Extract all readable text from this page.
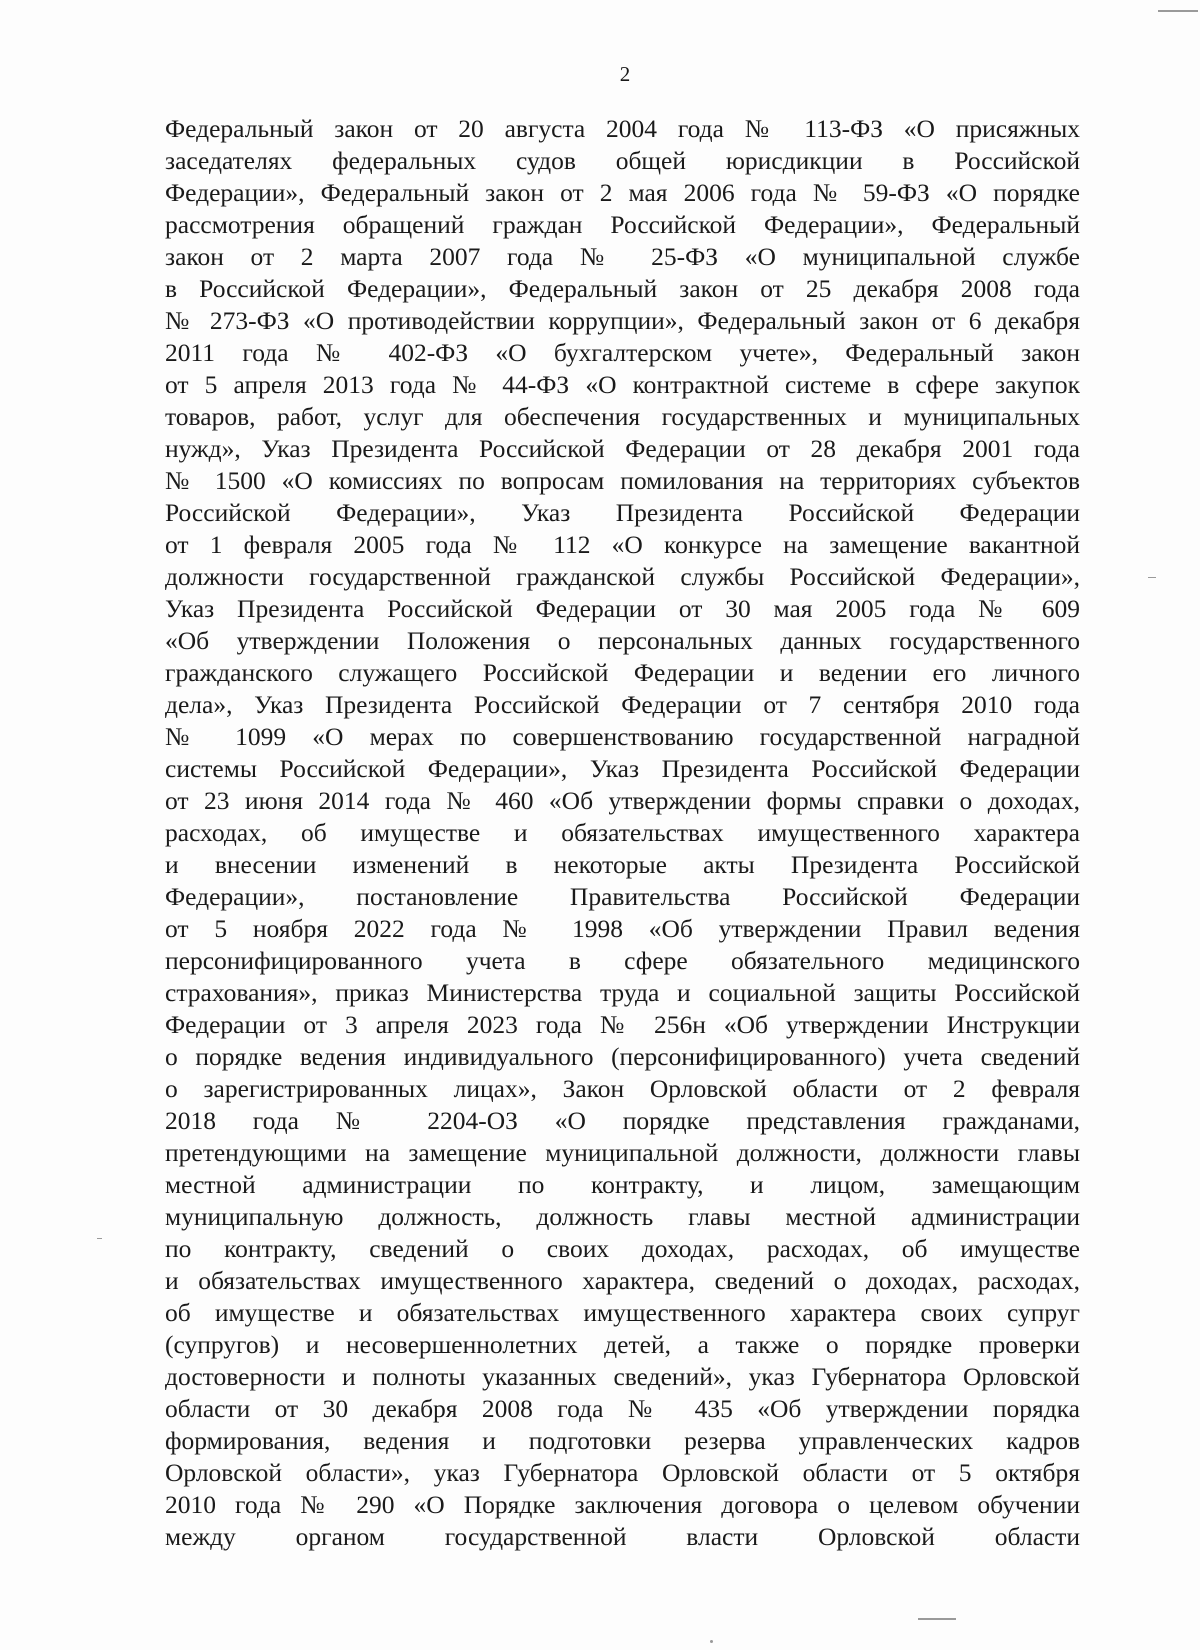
2
Федеральный закон от 20 августа 2004 года № 113-ФЗ «О присяжных
заседателях федеральных судов общей юрисдикции в Российской
Федерации», Федеральный закон от 2 мая 2006 года № 59-ФЗ «О порядке
рассмотрения обращений граждан Российской Федерации», Федеральный
закон от 2 марта 2007 года № 25-ФЗ «О муниципальной службе
в Российской Федерации», Федеральный закон от 25 декабря 2008 года
№ 273-ФЗ «О противодействии коррупции», Федеральный закон от 6 декабря
2011 года № 402-ФЗ «О бухгалтерском учете», Федеральный закон
от 5 апреля 2013 года № 44-ФЗ «О контрактной системе в сфере закупок
товаров, работ, услуг для обеспечения государственных и муниципальных
нужд», Указ Президента Российской Федерации от 28 декабря 2001 года
№ 1500 «О комиссиях по вопросам помилования на территориях субъектов
Российской Федерации», Указ Президента Российской Федерации
от 1 февраля 2005 года № 112 «О конкурсе на замещение вакантной
должности государственной гражданской службы Российской Федерации»,
Указ Президента Российской Федерации от 30 мая 2005 года № 609
«Об утверждении Положения о персональных данных государственного
гражданского служащего Российской Федерации и ведении его личного
дела», Указ Президента Российской Федерации от 7 сентября 2010 года
№ 1099 «О мерах по совершенствованию государственной наградной
системы Российской Федерации», Указ Президента Российской Федерации
от 23 июня 2014 года № 460 «Об утверждении формы справки о доходах,
расходах, об имуществе и обязательствах имущественного характера
и внесении изменений в некоторые акты Президента Российской
Федерации», постановление Правительства Российской Федерации
от 5 ноября 2022 года № 1998 «Об утверждении Правил ведения
персонифицированного учета в сфере обязательного медицинского
страхования», приказ Министерства труда и социальной защиты Российской
Федерации от 3 апреля 2023 года № 256н «Об утверждении Инструкции
о порядке ведения индивидуального (персонифицированного) учета сведений
о зарегистрированных лицах», Закон Орловской области от 2 февраля
2018 года № 2204-ОЗ «О порядке представления гражданами,
претендующими на замещение муниципальной должности, должности главы
местной администрации по контракту, и лицом, замещающим
муниципальную должность, должность главы местной администрации
по контракту, сведений о своих доходах, расходах, об имуществе
и обязательствах имущественного характера, сведений о доходах, расходах,
об имуществе и обязательствах имущественного характера своих супруг
(супругов) и несовершеннолетних детей, а также о порядке проверки
достоверности и полноты указанных сведений», указ Губернатора Орловской
области от 30 декабря 2008 года № 435 «Об утверждении порядка
формирования, ведения и подготовки резерва управленческих кадров
Орловской области», указ Губернатора Орловской области от 5 октября
2010 года № 290 «О Порядке заключения договора о целевом обучении
между органом государственной власти Орловской области
